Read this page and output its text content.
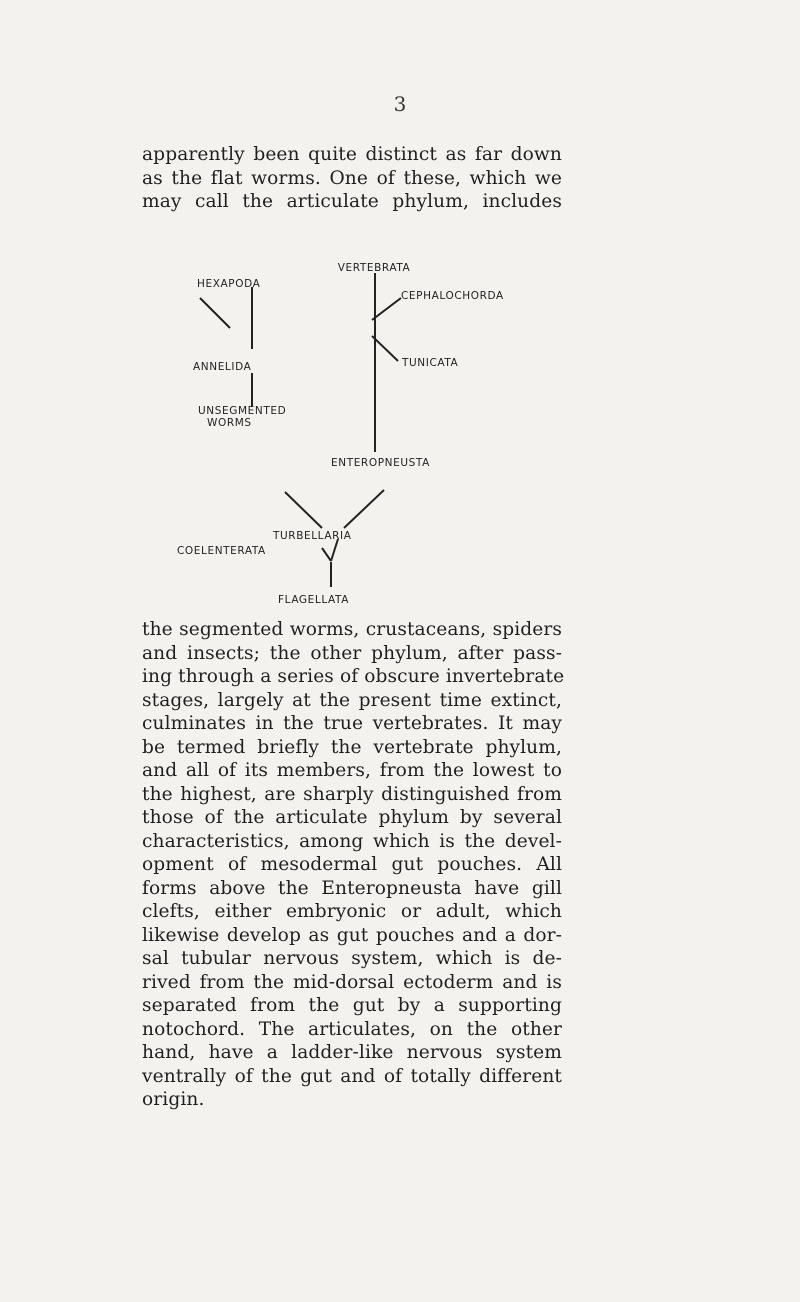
3

apparently been quite distinct as far down
as the flat worms. One of these, which we
may call the articulate phylum, includes

VERTEBRATA
HEXAPODA
CEPHALOCHORDA
TUNICATA
ANNELIDA
UNSEGMENTED
WORMS
ENTEROPNEUSTA
TURBELLARIA
COELENTERATA
FLAGELLATA

the segmented worms, crustaceans, spiders
and insects; the other phylum, after pass-
ing through a series of obscure invertebrate
stages, largely at the present time extinct,
culminates in the true vertebrates. It may
be termed briefly the vertebrate phylum,
and all of its members, from the lowest to
the highest, are sharply distinguished from
those of the articulate phylum by several
characteristics, among which is the devel-
opment of mesodermal gut pouches. All
forms above the Enteropneusta have gill
clefts, either embryonic or adult, which
likewise develop as gut pouches and a dor-
sal tubular nervous system, which is de-
rived from the mid-dorsal ectoderm and is
separated from the gut by a supporting
notochord. The articulates, on the other
hand, have a ladder-like nervous system
ventrally of the gut and of totally different
origin.
